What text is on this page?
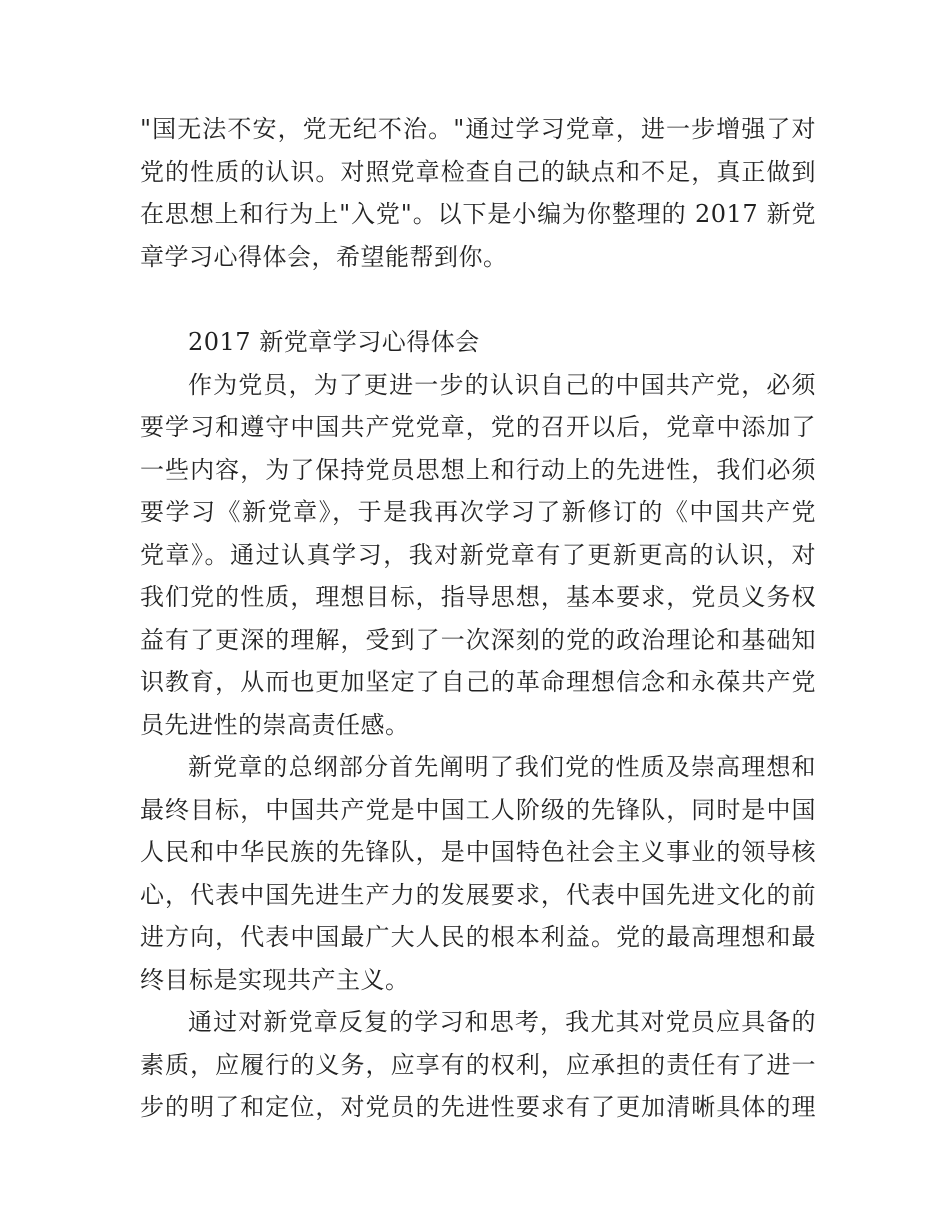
"国无法不安，党无纪不治。"通过学习党章，进一步增强了对
党的性质的认识。对照党章检查自己的缺点和不足，真正做到
在思想上和行为上"入党"。以下是小编为你整理的 2017 新党
章学习心得体会，希望能帮到你。
2017 新党章学习心得体会
作为党员，为了更进一步的认识自己的中国共产党，必须
要学习和遵守中国共产党党章，党的召开以后，党章中添加了
一些内容，为了保持党员思想上和行动上的先进性，我们必须
要学习《新党章》，于是我再次学习了新修订的《中国共产党
党章》。通过认真学习，我对新党章有了更新更高的认识，对
我们党的性质，理想目标，指导思想，基本要求，党员义务权
益有了更深的理解，受到了一次深刻的党的政治理论和基础知
识教育，从而也更加坚定了自己的革命理想信念和永葆共产党
员先进性的崇高责任感。
新党章的总纲部分首先阐明了我们党的性质及崇高理想和
最终目标，中国共产党是中国工人阶级的先锋队，同时是中国
人民和中华民族的先锋队，是中国特色社会主义事业的领导核
心，代表中国先进生产力的发展要求，代表中国先进文化的前
进方向，代表中国最广大人民的根本利益。党的最高理想和最
终目标是实现共产主义。
通过对新党章反复的学习和思考，我尤其对党员应具备的
素质，应履行的义务，应享有的权利，应承担的责任有了进一
步的明了和定位，对党员的先进性要求有了更加清晰具体的理
